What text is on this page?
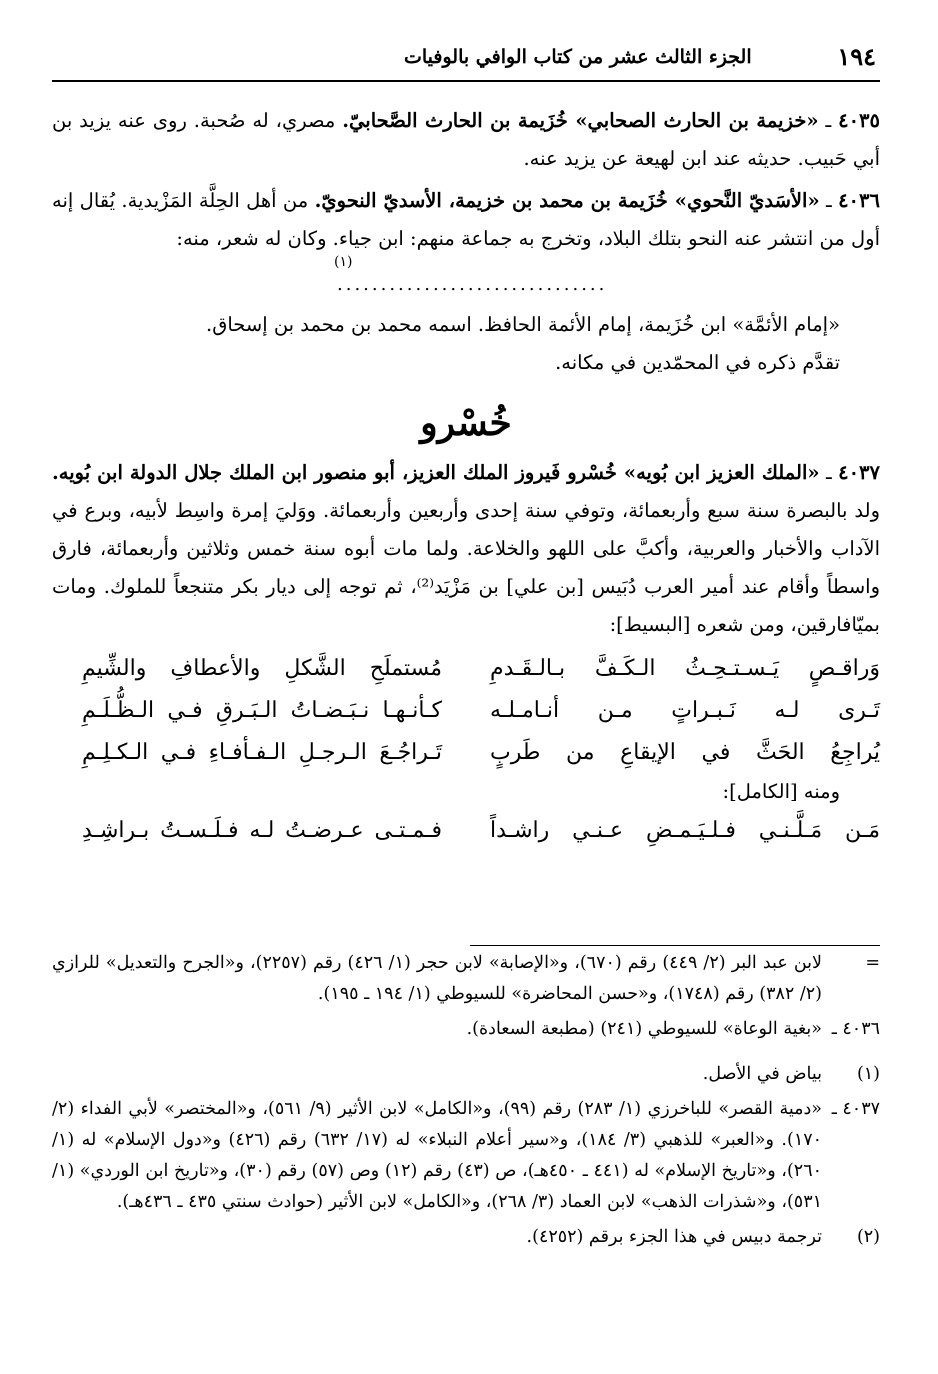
١٩٤
الجزء الثالث عشر من كتاب الوافي بالوفيات

٤٠٣٥ ـ «خزيمة بن الحارث الصحابي» خُزَيمة بن الحارث الصَّحابيّ. مصري، له صُحبة. روى عنه يزيد بن أبي حَبيب. حديثه عند ابن لهيعة عن يزيد عنه.

٤٠٣٦ ـ «الأسَديّ النَّحوي» خُزَيمة بن محمد بن خزيمة، الأسديّ النحويّ. من أهل الحِلَّة المَزْيدية. يُقال إنه أول من انتشر عنه النحو بتلك البلاد، وتخرج به جماعة منهم: ابن جياء. وكان له شعر، منه:

(١)
...............................
«إمام الأئمَّة» ابن خُزَيمة، إمام الأئمة الحافظ. اسمه محمد بن محمد بن إسحاق.
تقدَّم ذكره في المحمّدين في مكانه.
خُسْرو

٤٠٣٧ ـ «الملك العزيز ابن بُويه» خُسْرو فَيروز الملك العزيز، أبو منصور ابن الملك جلال الدولة ابن بُويه. ولد بالبصرة سنة سبع وأربعمائة، وتوفي سنة إحدى وأربعين وأربعمائة. ووَليَ إمرة واسِط لأبيه، وبرع في الآداب والأخبار والعربية، وأكبَّ على اللهو والخلاعة. ولما مات أبوه سنة خمس وثلاثين وأربعمائة، فارق واسطاً وأقام عند أمير العرب دُبَيس [بن علي] بن مَزْيَد⁽²⁾، ثم توجه إلى ديار بكر متنجعاً للملوك. ومات بميّافارقين، ومن شعره [البسيط]:

وَراقـصٍ يَـسـتـحِـثُ الـكَـفَّ بـالـقَـدمِ
مُستملَحِ الشَّكلِ والأعطافِ والشِّيمِ
تَـرى لـه نَـبـراتٍ مـن أنـامـلـه
كـأنـهـا نـبَـضـاتُ الـبَـرقِ فـي الـظُّـلَـمِ
يُراجِعُ الحَثَّ في الإيقاعِ من طَربٍ
تَـراجُـعَ الـرجـلِ الـفـأفـاءِ فـي الـكـلِـمِ
ومنه [الكامل]:
مَـن مَـلَّـنـي فـلـيَـمـضِ عـنـي راشـداً
فـمـتـى عـرضـتُ لـه فـلَـسـتُ بـراشِـدِ
=
لابن عبد البر (٢/ ٤٤٩) رقم (٦٧٠)، و«الإصابة» لابن حجر (١/ ٤٢٦) رقم (٢٢٥٧)، و«الجرح والتعديل» للرازي (٢/ ٣٨٢) رقم (١٧٤٨)، و«حسن المحاضرة» للسيوطي (١/ ١٩٤ ـ ١٩٥).
٤٠٣٦ ـ
«بغية الوعاة» للسيوطي (٢٤١) (مطبعة السعادة).
(١)
بياض في الأصل.
٤٠٣٧ ـ
«دمية القصر» للباخرزي (١/ ٢٨٣) رقم (٩٩)، و«الكامل» لابن الأثير (٩/ ٥٦١)، و«المختصر» لأبي الفداء (٢/ ١٧٠). و«العبر» للذهبي (٣/ ١٨٤)، و«سير أعلام النبلاء» له (١٧/ ٦٣٢) رقم (٤٢٦) و«دول الإسلام» له (١/ ٢٦٠)، و«تاريخ الإسلام» له (٤٤١ ـ ٤٥٠هـ)، ص (٤٣) رقم (١٢) وص (٥٧) رقم (٣٠)، و«تاريخ ابن الوردي» (١/ ٥٣١)، و«شذرات الذهب» لابن العماد (٣/ ٢٦٨)، و«الكامل» لابن الأثير (حوادث سنتي ٤٣٥ ـ ٤٣٦هـ).
(٢)
ترجمة دبيس في هذا الجزء برقم (٤٢٥٢).
